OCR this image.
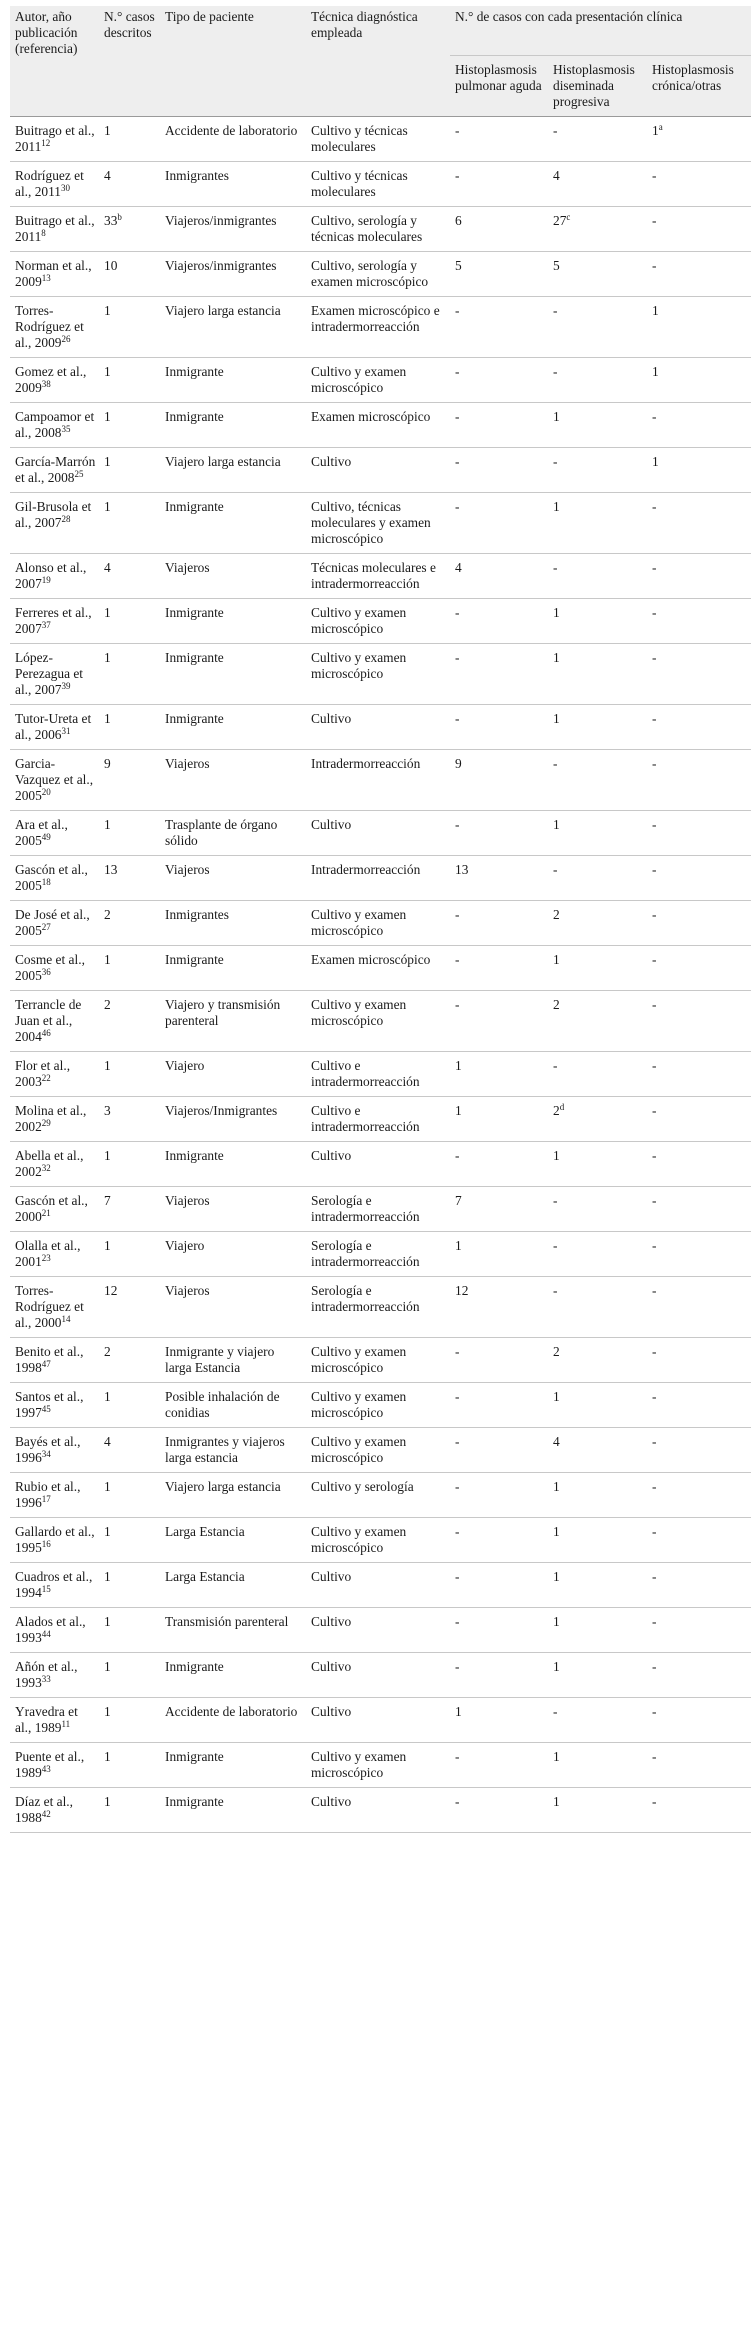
Autor, año publicación (referencia)	N.° casos descritos	Tipo de paciente	Técnica diagnóstica empleada	N.° de casos con cada presentación clínica		
				Histoplasmosis pulmonar aguda	Histoplasmosis diseminada progresiva	Histoplasmosis crónica/otras
Buitrago et al., 2011$^{12}$	1	Accidente de laboratorio	Cultivo y técnicas moleculares	-	-	1$^a$
Rodríguez et al., 2011$^{30}$	4	Inmigrantes	Cultivo y técnicas moleculares	-	4	-
Buitrago et al., 2011$^8$	33$^b$	Viajeros/inmigrantes	Cultivo, serología y técnicas moleculares	6	27$^c$	-
Norman et al., 2009$^{13}$	10	Viajeros/inmigrantes	Cultivo, serología y examen microscópico	5	5	-
Torres-Rodríguez et al., 2009$^{26}$	1	Viajero larga estancia	Examen microscópico e intradermorreacción	-	-	1
Gomez et al., 2009$^{38}$	1	Inmigrante	Cultivo y examen microscópico	-	-	1
Campoamor et al., 2008$^{35}$	1	Inmigrante	Examen microscópico	-	1	-
García-Marrón et al., 2008$^{25}$	1	Viajero larga estancia	Cultivo	-	-	1
Gil-Brusola et al., 2007$^{28}$	1	Inmigrante	Cultivo, técnicas moleculares y examen microscópico	-	1	-
Alonso et al., 2007$^{19}$	4	Viajeros	Técnicas moleculares e intradermorreacción	4	-	-
Ferreres et al., 2007$^{37}$	1	Inmigrante	Cultivo y examen microscópico	-	1	-
López-Perezagua et al., 2007$^{39}$	1	Inmigrante	Cultivo y examen microscópico	-	1	-
Tutor-Ureta et al., 2006$^{31}$	1	Inmigrante	Cultivo	-	1	-
Garcia-Vazquez et al., 2005$^{20}$	9	Viajeros	Intradermorreacción	9	-	-
Ara et al., 2005$^{49}$	1	Trasplante de órgano sólido	Cultivo	-	1	-
Gascón et al., 2005$^{18}$	13	Viajeros	Intradermorreacción	13	-	-
De José et al., 2005$^{27}$	2	Inmigrantes	Cultivo y examen microscópico	-	2	-
Cosme et al., 2005$^{36}$	1	Inmigrante	Examen microscópico	-	1	-
Terrancle de Juan et al., 2004$^{46}$	2	Viajero y transmisión parenteral	Cultivo y examen microscópico	-	2	-
Flor et al., 2003$^{22}$	1	Viajero	Cultivo e intradermorreacción	1	-	-
Molina et al., 2002$^{29}$	3	Viajeros/Inmigrantes	Cultivo e intradermorreacción	1	2$^d$	-
Abella et al., 2002$^{32}$	1	Inmigrante	Cultivo	-	1	-
Gascón et al., 2000$^{21}$	7	Viajeros	Serología e intradermorreacción	7	-	-
Olalla et al., 2001$^{23}$	1	Viajero	Serología e intradermorreacción	1	-	-
Torres-Rodríguez et al., 2000$^{14}$	12	Viajeros	Serología e intradermorreacción	12	-	-
Benito et al., 1998$^{47}$	2	Inmigrante y viajero larga Estancia	Cultivo y examen microscópico	-	2	-
Santos et al., 1997$^{45}$	1	Posible inhalación de conidias	Cultivo y examen microscópico	-	1	-
Bayés et al., 1996$^{34}$	4	Inmigrantes y viajeros larga estancia	Cultivo y examen microscópico	-	4	-
Rubio et al., 1996$^{17}$	1	Viajero larga estancia	Cultivo y serología	-	1	-
Gallardo et al., 1995$^{16}$	1	Larga Estancia	Cultivo y examen microscópico	-	1	-
Cuadros et al., 1994$^{15}$	1	Larga Estancia	Cultivo	-	1	-
Alados et al., 1993$^{44}$	1	Transmisión parenteral	Cultivo	-	1	-
Añón et al., 1993$^{33}$	1	Inmigrante	Cultivo	-	1	-
Yravedra et al., 1989$^{11}$	1	Accidente de laboratorio	Cultivo	1	-	-
Puente et al., 1989$^{43}$	1	Inmigrante	Cultivo y examen microscópico	-	1	-
Díaz et al., 1988$^{42}$	1	Inmigrante	Cultivo	-	1	-
